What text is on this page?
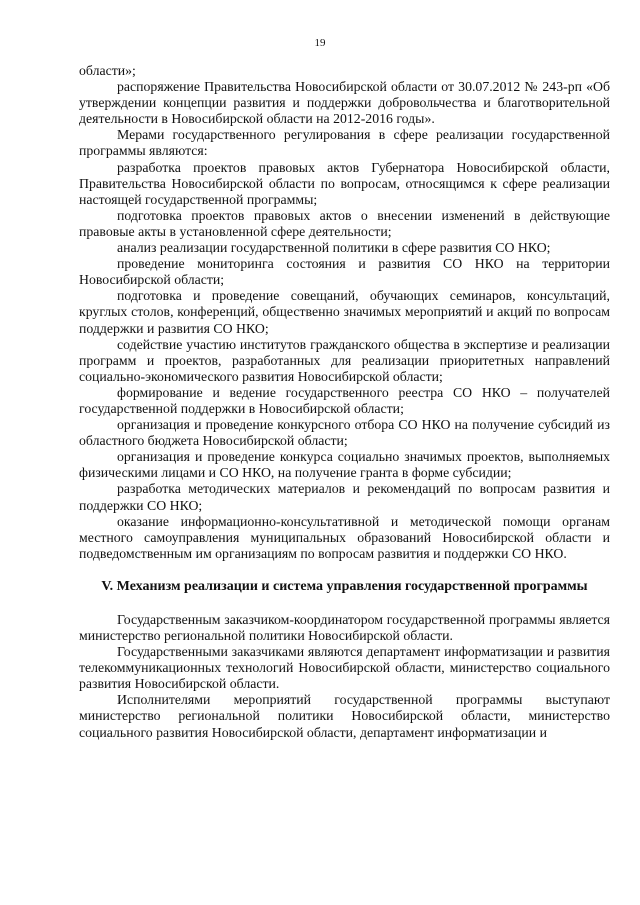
19

области»;

распоряжение Правительства Новосибирской области от 30.07.2012 № 243-рп «Об утверждении концепции развития и поддержки добровольчества и благотворительной деятельности в Новосибирской области на 2012-2016 годы».

Мерами государственного регулирования в сфере реализации государственной программы являются:

разработка проектов правовых актов Губернатора Новосибирской области, Правительства Новосибирской области по вопросам, относящимся к сфере реализации настоящей государственной программы;

подготовка проектов правовых актов о внесении изменений в действующие правовые акты в установленной сфере деятельности;

анализ реализации государственной политики в сфере развития СО НКО;

проведение мониторинга состояния и развития СО НКО на территории Новосибирской области;

подготовка и проведение совещаний, обучающих семинаров, консультаций, круглых столов, конференций, общественно значимых мероприятий и акций по вопросам поддержки и развития СО НКО;

содействие участию институтов гражданского общества в экспертизе и реализации программ и проектов, разработанных для реализации приоритетных направлений социально-экономического развития Новосибирской области;

формирование и ведение государственного реестра СО НКО – получателей государственной поддержки в Новосибирской области;

организация и проведение конкурсного отбора СО НКО на получение субсидий из областного бюджета Новосибирской области;

организация и проведение конкурса социально значимых проектов, выполняемых физическими лицами и СО НКО, на получение гранта в форме субсидии;

разработка методических материалов и рекомендаций по вопросам развития и поддержки СО НКО;

оказание информационно-консультативной и методической помощи органам местного самоуправления муниципальных образований Новосибирской области и подведомственным им организациям по вопросам развития и поддержки СО НКО.

V. Механизм реализации и система управления государственной программы

Государственным заказчиком-координатором государственной программы является министерство региональной политики Новосибирской области.

Государственными заказчиками являются департамент информатизации и развития телекоммуникационных технологий Новосибирской области, министерство социального развития Новосибирской области.

Исполнителями мероприятий государственной программы выступают министерство региональной политики Новосибирской области, министерство социального развития Новосибирской области, департамент информатизации и
